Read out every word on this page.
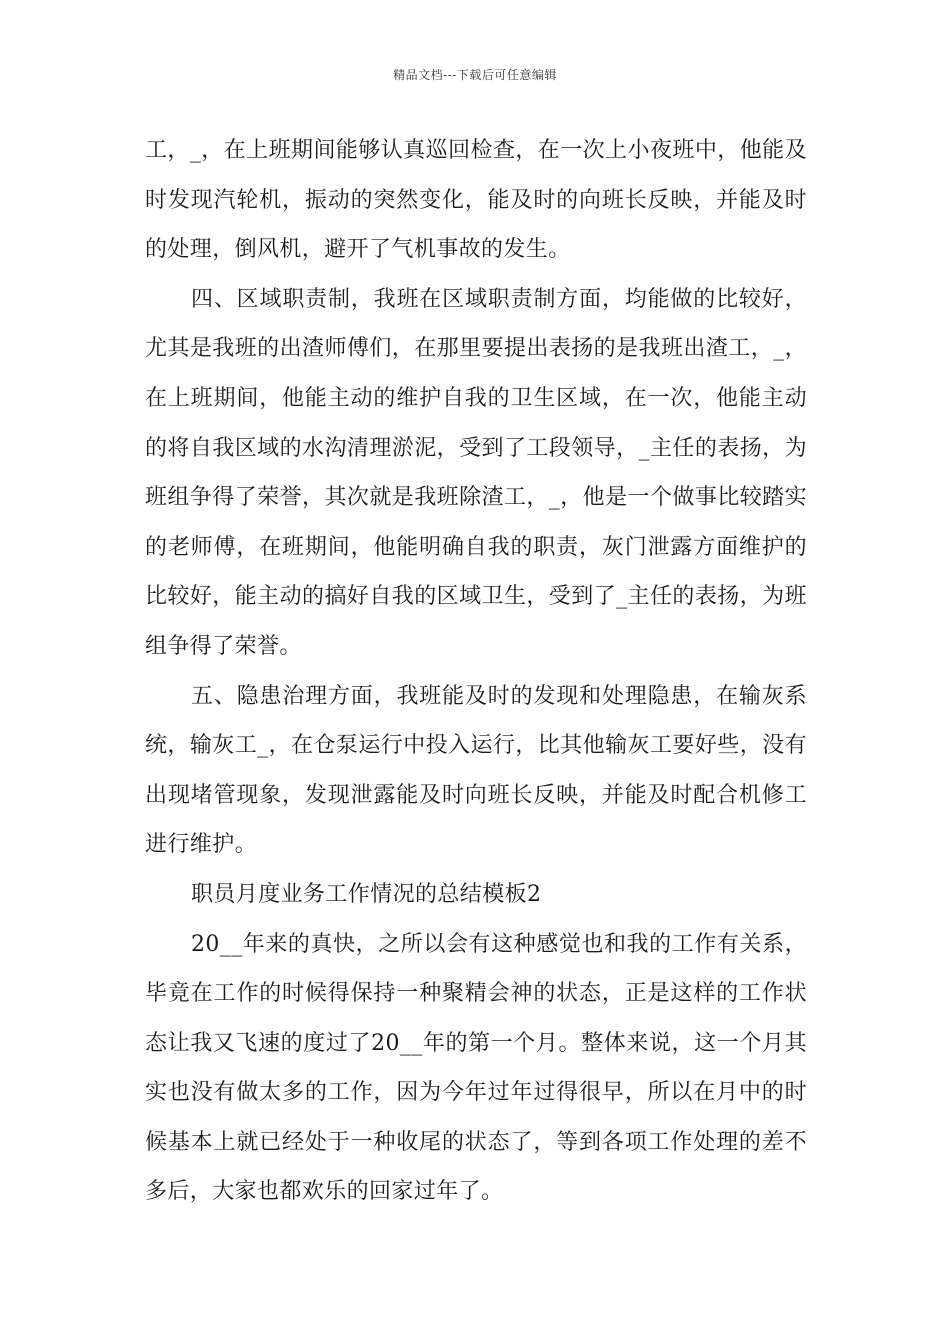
精品文档---下载后可任意编辑

工，_，在上班期间能够认真巡回检查，在一次上小夜班中，他能及时发现汽轮机，振动的突然变化，能及时的向班长反映，并能及时的处理，倒风机，避开了气机事故的发生。

四、区域职责制，我班在区域职责制方面，均能做的比较好，尤其是我班的出渣师傅们，在那里要提出表扬的是我班出渣工，_，在上班期间，他能主动的维护自我的卫生区域，在一次，他能主动的将自我区域的水沟清理淤泥，受到了工段领导，_主任的表扬，为班组争得了荣誉，其次就是我班除渣工，_，他是一个做事比较踏实的老师傅，在班期间，他能明确自我的职责，灰门泄露方面维护的比较好，能主动的搞好自我的区域卫生，受到了_主任的表扬，为班组争得了荣誉。

五、隐患治理方面，我班能及时的发现和处理隐患，在输灰系统，输灰工_，在仓泵运行中投入运行，比其他输灰工要好些，没有出现堵管现象，发现泄露能及时向班长反映，并能及时配合机修工进行维护。

职员月度业务工作情况的总结模板2

20__年来的真快，之所以会有这种感觉也和我的工作有关系，毕竟在工作的时候得保持一种聚精会神的状态，正是这样的工作状态让我又飞速的度过了20__年的第一个月。整体来说，这一个月其实也没有做太多的工作，因为今年过年过得很早，所以在月中的时候基本上就已经处于一种收尾的状态了，等到各项工作处理的差不多后，大家也都欢乐的回家过年了。
